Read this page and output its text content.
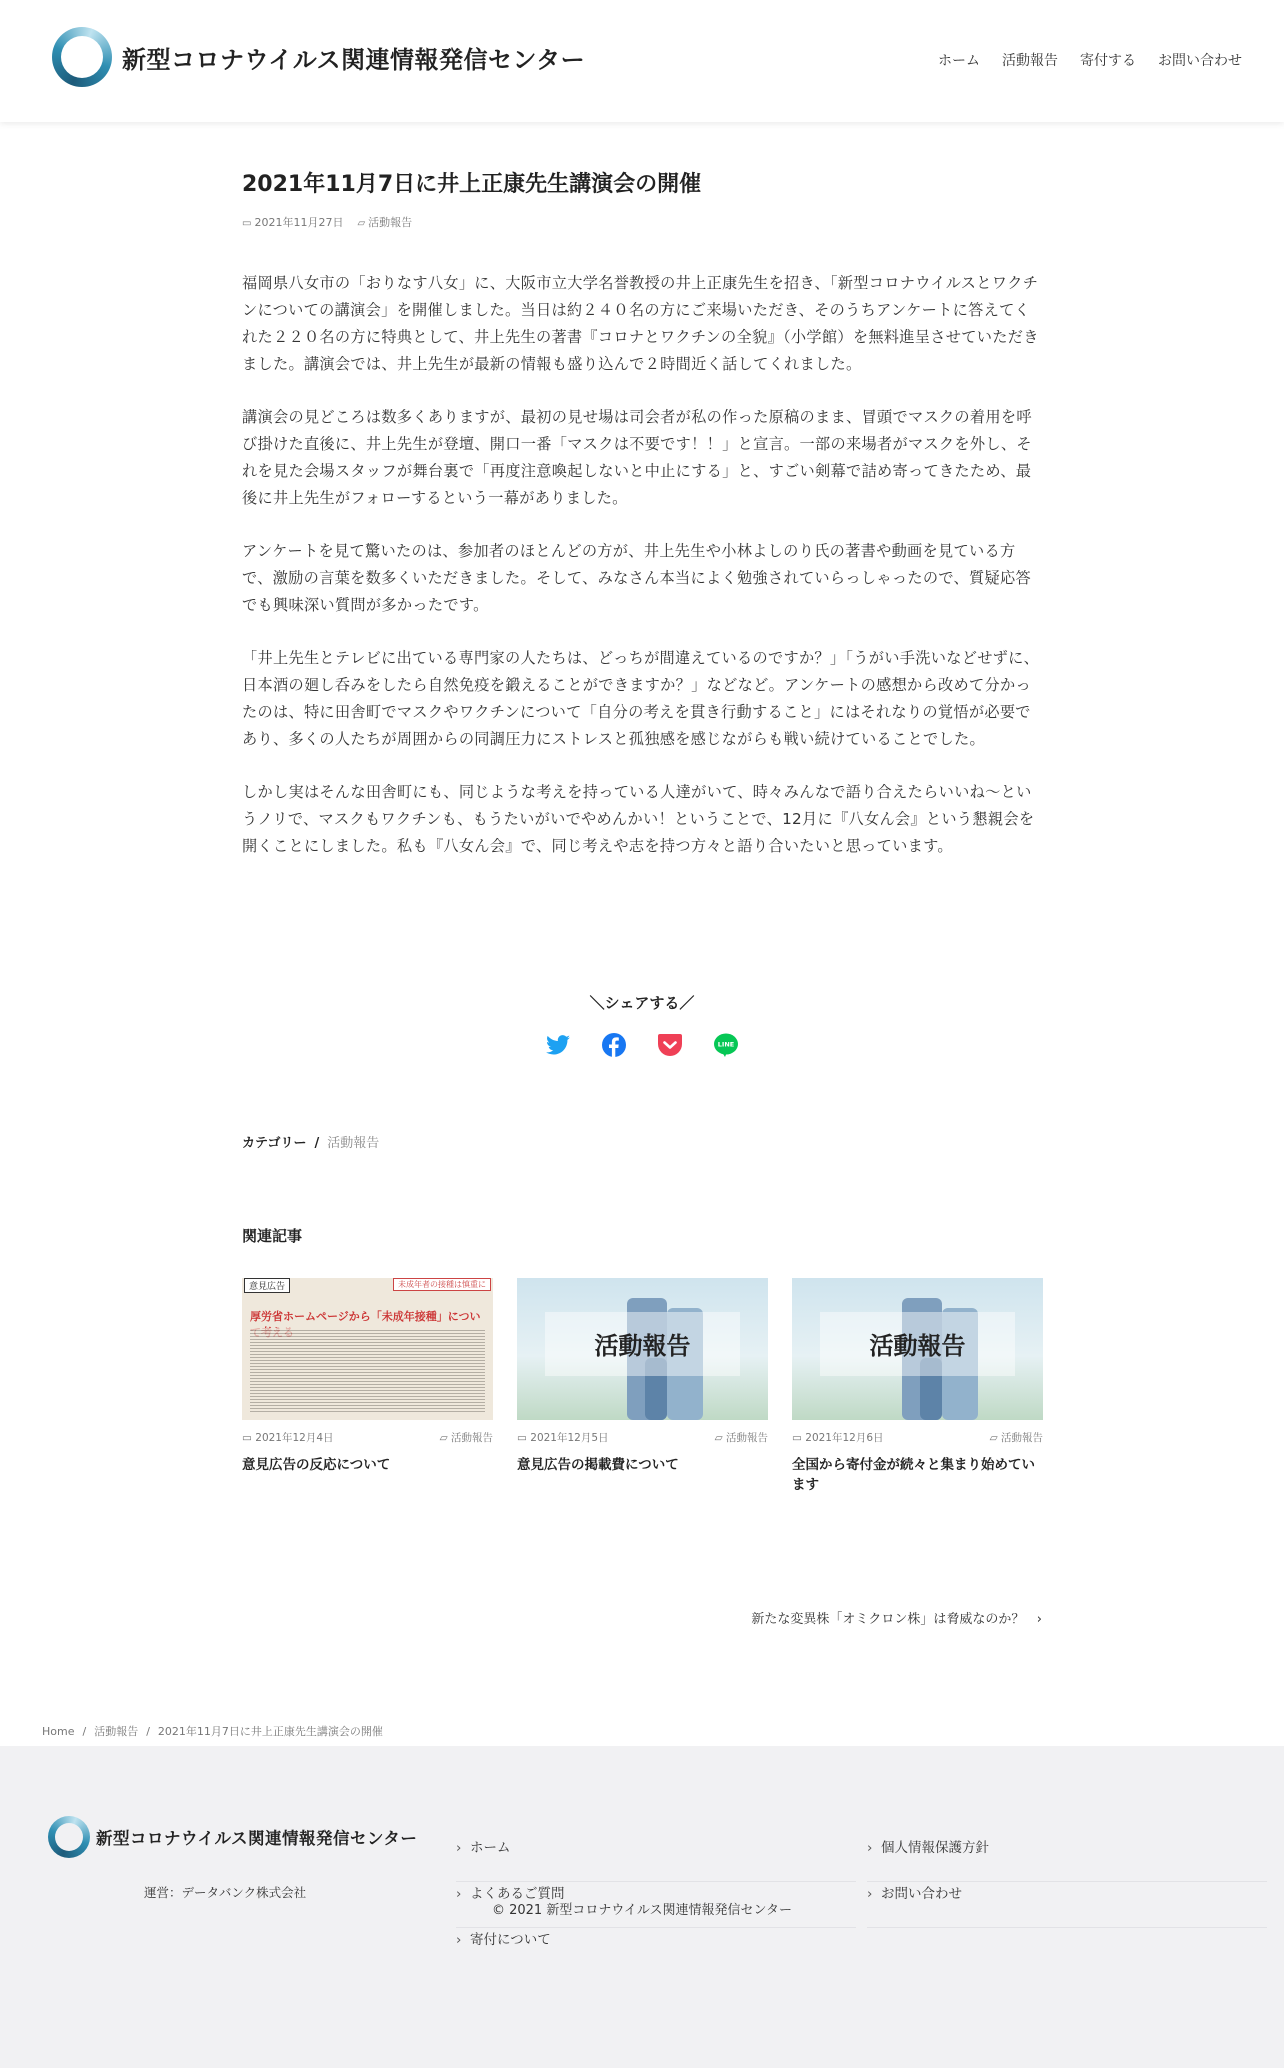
新型コロナウイルス関連情報発信センター	ホーム 活動報告 寄付する お問い合わせ
2021年11月7日に井上正康先生講演会の開催
▭ 2021年11月27日 ▱ 活動報告

福岡県八女市の「おりなす八女」に、大阪市立大学名誉教授の井上正康先生を招き、「新型コロナウイルスとワクチンについての講演会」を開催しました。当日は約２４０名の方にご来場いただき、そのうちアンケートに答えてくれた２２０名の方に特典として、井上先生の著書『コロナとワクチンの全貌』（小学館）を無料進呈させていただきました。講演会では、井上先生が最新の情報も盛り込んで２時間近く話してくれました。

講演会の見どころは数多くありますが、最初の見せ場は司会者が私の作った原稿のまま、冒頭でマスクの着用を呼び掛けた直後に、井上先生が登壇、開口一番「マスクは不要です！！」と宣言。一部の来場者がマスクを外し、それを見た会場スタッフが舞台裏で「再度注意喚起しないと中止にする」と、すごい剣幕で詰め寄ってきたため、最後に井上先生がフォローするという一幕がありました。

アンケートを見て驚いたのは、参加者のほとんどの方が、井上先生や小林よしのり氏の著書や動画を見ている方で、激励の言葉を数多くいただきました。そして、みなさん本当によく勉強されていらっしゃったので、質疑応答でも興味深い質問が多かったです。

「井上先生とテレビに出ている専門家の人たちは、どっちが間違えているのですか？」「うがい手洗いなどせずに、日本酒の廻し呑みをしたら自然免疫を鍛えることができますか？」などなど。アンケートの感想から改めて分かったのは、特に田舎町でマスクやワクチンについて「自分の考えを貫き行動すること」にはそれなりの覚悟が必要であり、多くの人たちが周囲からの同調圧力にストレスと孤独感を感じながらも戦い続けていることでした。

しかし実はそんな田舎町にも、同じような考えを持っている人達がいて、時々みんなで語り合えたらいいね～というノリで、マスクもワクチンも、もうたいがいでやめんかい！ということで、12月に『八女ん会』という懇親会を開くことにしました。私も『八女ん会』で、同じ考えや志を持つ方々と語り合いたいと思っています。

＼シェアする／
LINE
カテゴリー / 活動報告
関連記事
意見広告	未成年者の接種は慎重に
厚労省ホームページから「未成年接種」につい
▭ 2021年12月4日	▱ 活動報告
意見広告の反応について
活動報告
▭ 2021年12月5日	▱ 活動報告
意見広告の掲載費について
活動報告
▭ 2021年12月6日	▱ 活動報告
全国から寄付金が続々と集まり始めています
新たな変異株「オミクロン株」は脅威なのか？   ›
Home / 活動報告 / 2021年11月7日に井上正康先生講演会の開催
新型コロナウイルス関連情報発信センター
運営：データバンク株式会社
› ホーム
› よくあるご質問
› 寄付について
› 個人情報保護方針
› お問い合わせ
© 2021 新型コロナウイルス関連情報発信センター
